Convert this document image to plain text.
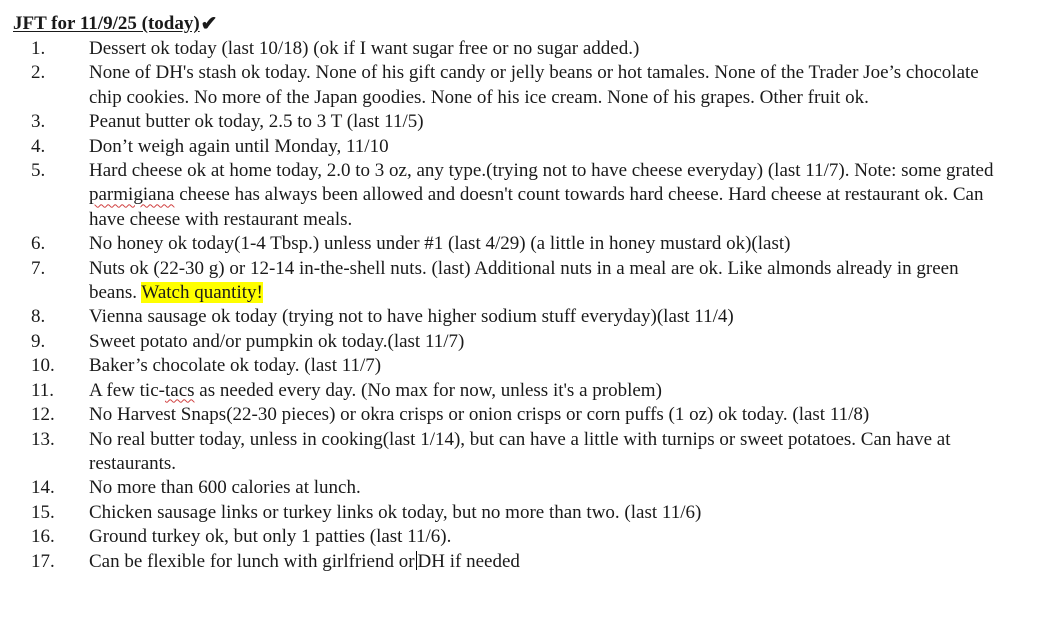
JFT for 11/9/25 (today) ✔
1.	Dessert ok today (last 10/18) (ok if I want sugar free or no sugar added.)
2.	None of DH's stash ok today. None of his gift candy or jelly beans or hot tamales. None of the Trader Joe’s chocolate chip cookies. No more of the Japan goodies. None of his ice cream. None of his grapes. Other fruit ok.
3.	Peanut butter ok today, 2.5 to 3 T (last 11/5)
4.	Don’t weigh again until Monday, 11/10
5.	Hard cheese ok at home today, 2.0 to 3 oz, any type.(trying not to have cheese everyday) (last 11/7). Note: some grated parmigiana cheese has always been allowed and doesn't count towards hard cheese. Hard cheese at restaurant ok. Can have cheese with restaurant meals.
6.	No honey ok today(1-4 Tbsp.) unless under #1 (last 4/29) (a little in honey mustard ok)(last)
7.	Nuts ok (22-30 g) or 12-14 in-the-shell nuts. (last) Additional nuts in a meal are ok. Like almonds already in green beans. Watch quantity!
8.	Vienna sausage ok today (trying not to have higher sodium stuff everyday)(last 11/4)
9.	Sweet potato and/or pumpkin ok today.(last 11/7)
10.	Baker’s chocolate ok today. (last 11/7)
11.	A few tic-tacs as needed every day. (No max for now, unless it's a problem)
12.	No Harvest Snaps(22-30 pieces) or okra crisps or onion crisps or corn puffs (1 oz) ok today. (last 11/8)
13.	No real butter today, unless in cooking(last 1/14), but can have a little with turnips or sweet potatoes. Can have at restaurants.
14.	No more than 600 calories at lunch.
15.	Chicken sausage links or turkey links ok today, but no more than two. (last 11/6)
16.	Ground turkey ok, but only 1 patties (last 11/6).
17.	Can be flexible for lunch with girlfriend or DH if needed
